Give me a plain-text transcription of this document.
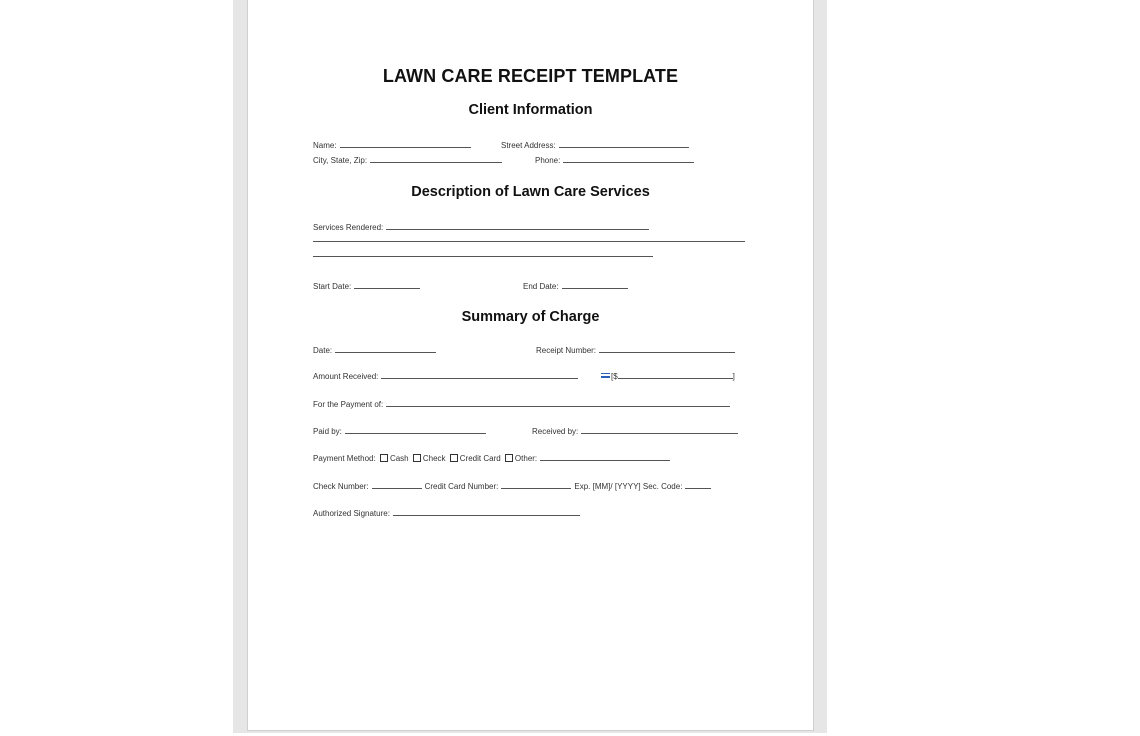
LAWN CARE RECEIPT TEMPLATE
Client Information
Name:	Street Address:
City, State, Zip:	Phone:
Description of Lawn Care Services
Services Rendered:
Start Date:	End Date:
Summary of Charge
Date:	Receipt Number:
Amount Received:	[$	]
For the Payment of:
Paid by:	Received by:
Payment Method: Cash Check Credit Card Other:
Check Number:	Credit Card Number:	Exp. [MM]/ [YYYY] Sec. Code:
Authorized Signature:
